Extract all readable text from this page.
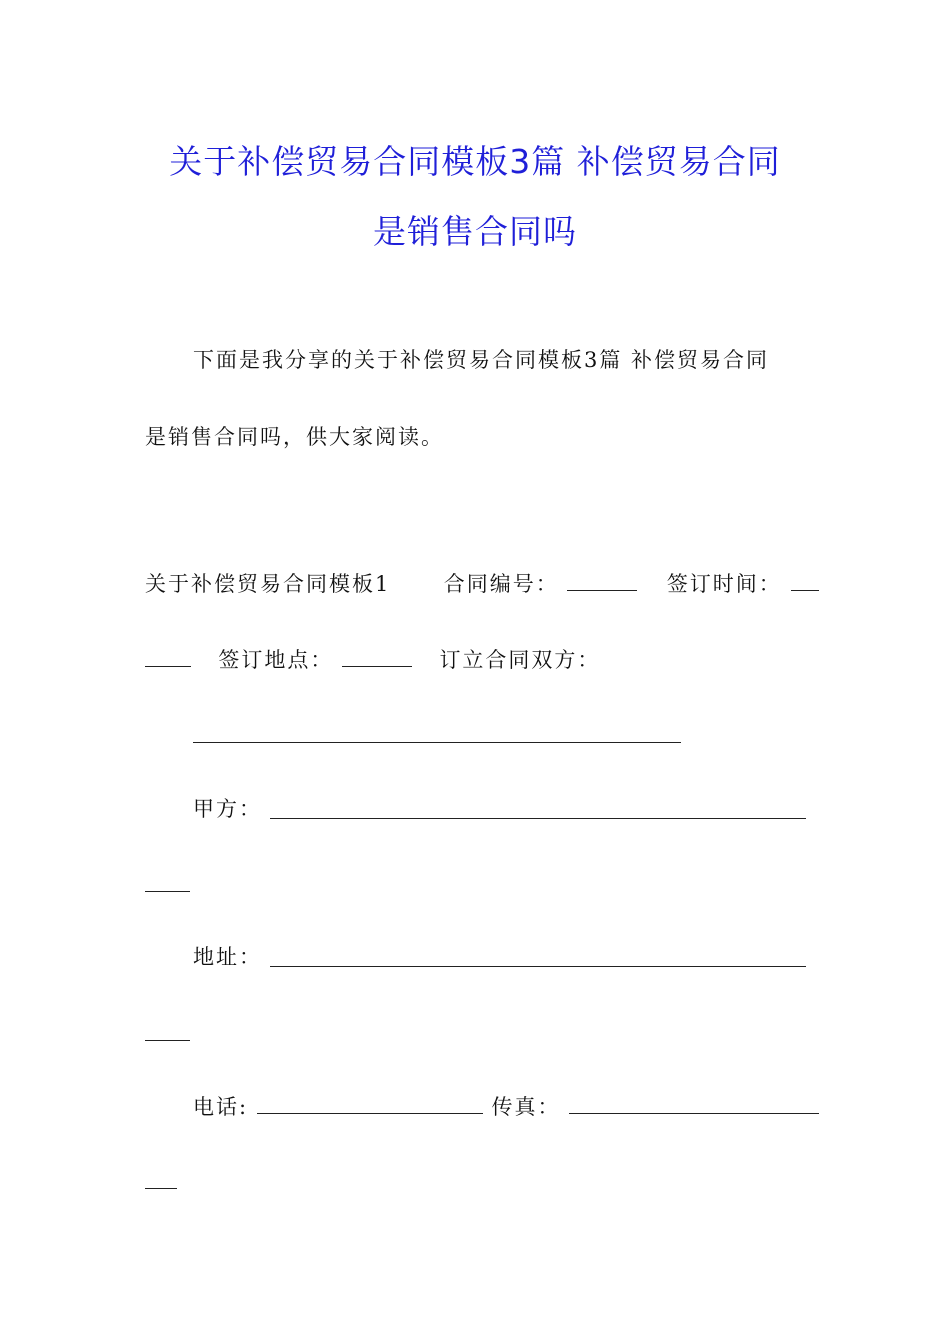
关于补偿贸易合同模板3篇 补偿贸易合同
是销售合同吗
下面是我分享的关于补偿贸易合同模板3篇 补偿贸易合同
是销售合同吗，供大家阅读。
关于补偿贸易合同模板1	合同编号：	签订时间：
签订地点：	订立合同双方：
甲方：
地址：
电话:	传真：
